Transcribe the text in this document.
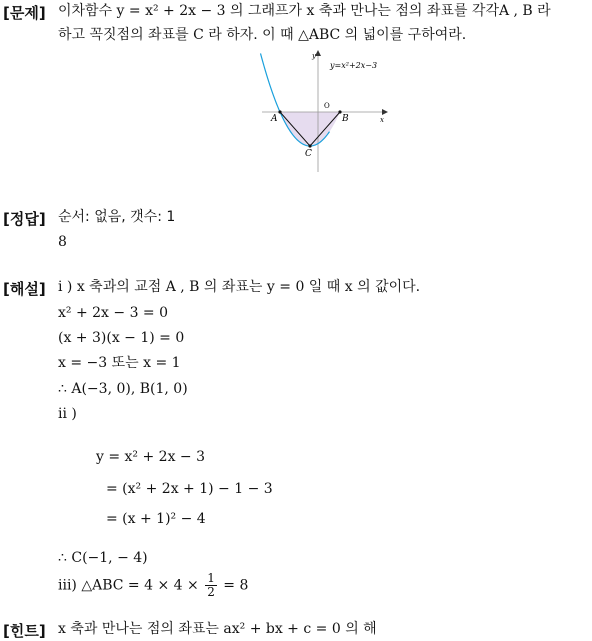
[문제] 이차함수 y = x² + 2x − 3 의 그래프가 x 축과 만나는 점의 좌표를 각각A , B 라
하고 꼭짓점의 좌표를 C 라 하자. 이 때 △ABC 의 넓이를 구하여라.
y=x²+2x−3
y
x
O
A	B
C
[정답] 순서: 없음, 갯수: 1
8
[해설] i ) x 축과의 교점 A , B 의 좌표는 y = 0 일 때 x 의 값이다.
x² + 2x − 3 = 0
(x + 3)(x − 1) = 0
x = −3 또는 x = 1
∴ A(−3, 0), B(1, 0)
ii )
y = x² + 2x − 3
= (x² + 2x + 1) − 1 − 3
= (x + 1)² − 4
∴ C(−1, − 4)
iii) △ABC = $4 \times 4 \times \frac{1}{2} = 8$
[힌트] x 축과 만나는 점의 좌표는 ax² + bx + c = 0 의 해
